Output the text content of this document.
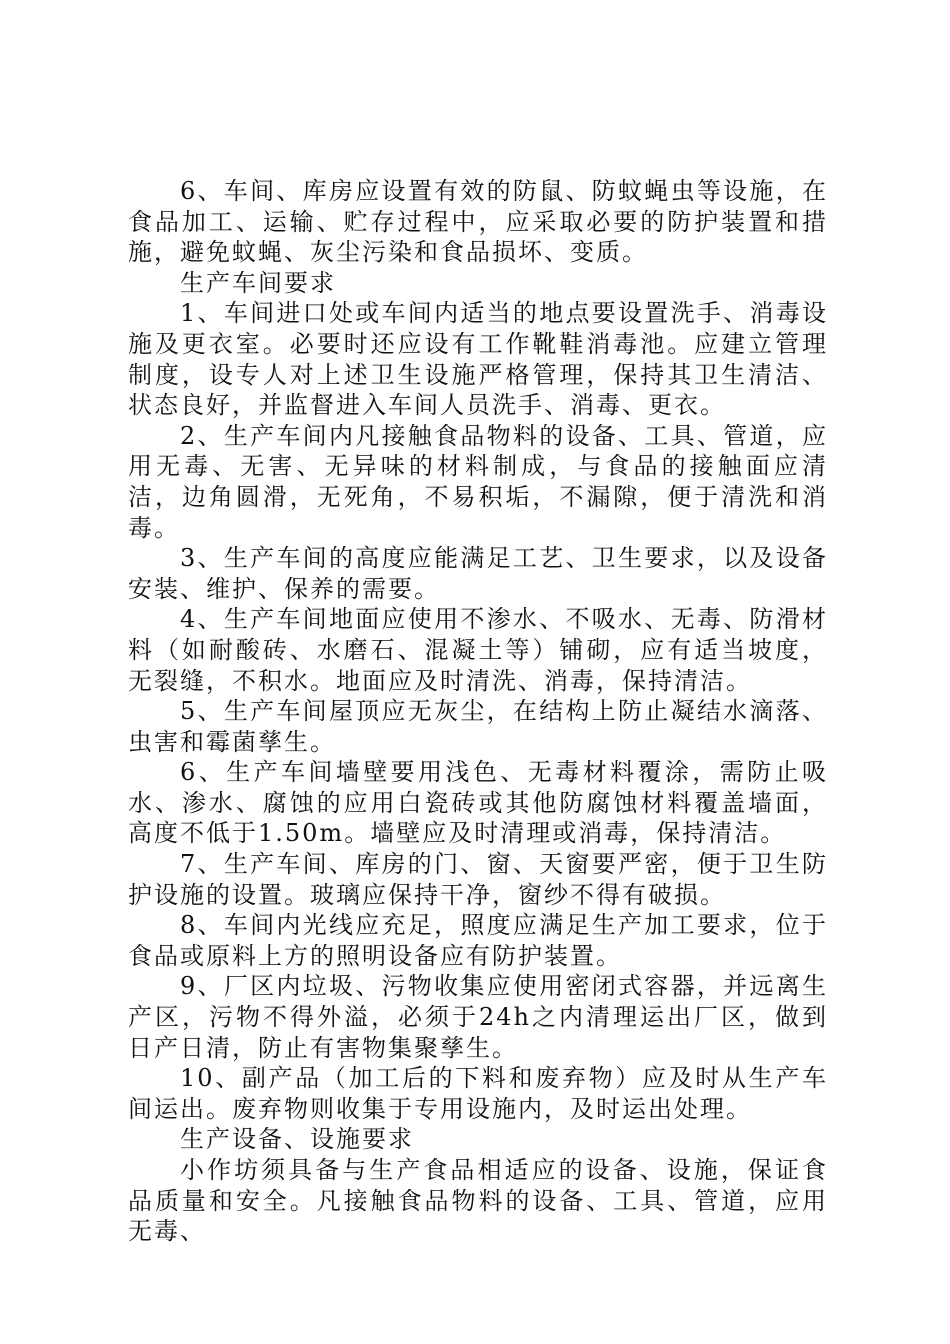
6、车间、库房应设置有效的防鼠、防蚊蝇虫等设施，在食品加工、运输、贮存过程中，应采取必要的防护装置和措施，避免蚊蝇、灰尘污染和食品损坏、变质。

生产车间要求

1、车间进口处或车间内适当的地点要设置洗手、消毒设施及更衣室。必要时还应设有工作靴鞋消毒池。应建立管理制度，设专人对上述卫生设施严格管理，保持其卫生清洁、状态良好，并监督进入车间人员洗手、消毒、更衣。

2、生产车间内凡接触食品物料的设备、工具、管道，应用无毒、无害、无异味的材料制成，与食品的接触面应清洁，边角圆滑，无死角，不易积垢，不漏隙，便于清洗和消毒。

3、生产车间的高度应能满足工艺、卫生要求，以及设备安装、维护、保养的需要。

4、生产车间地面应使用不渗水、不吸水、无毒、防滑材料（如耐酸砖、水磨石、混凝土等）铺砌，应有适当坡度，无裂缝，不积水。地面应及时清洗、消毒，保持清洁。

5、生产车间屋顶应无灰尘，在结构上防止凝结水滴落、虫害和霉菌孳生。

6、生产车间墙壁要用浅色、无毒材料覆涂，需防止吸水、渗水、腐蚀的应用白瓷砖或其他防腐蚀材料覆盖墙面，高度不低于1.50m。墙壁应及时清理或消毒，保持清洁。

7、生产车间、库房的门、窗、天窗要严密，便于卫生防护设施的设置。玻璃应保持干净，窗纱不得有破损。

8、车间内光线应充足，照度应满足生产加工要求，位于食品或原料上方的照明设备应有防护装置。

9、厂区内垃圾、污物收集应使用密闭式容器，并远离生产区，污物不得外溢，必须于24h之内清理运出厂区，做到日产日清，防止有害物集聚孳生。

10、副产品（加工后的下料和废弃物）应及时从生产车间运出。废弃物则收集于专用设施内，及时运出处理。

生产设备、设施要求

小作坊须具备与生产食品相适应的设备、设施，保证食品质量和安全。凡接触食品物料的设备、工具、管道，应用无毒、
